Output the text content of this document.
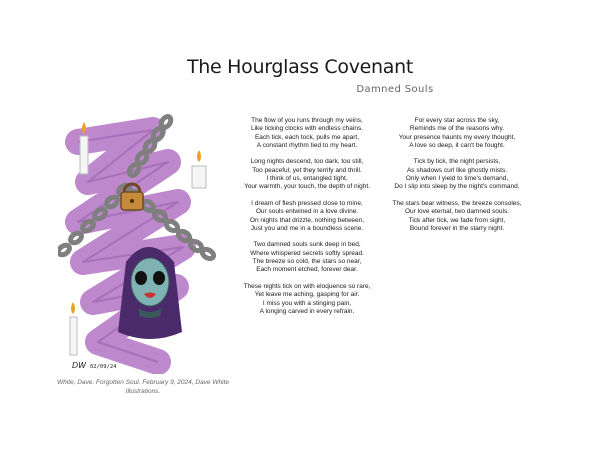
The Hourglass Covenant
Damned Souls
DW 02/09/24
White, Dave. Forgotten Soul. February 9, 2024, Dave White Illustrations.
The flow of you runs through my veins,
Like ticking clocks with endless chains.
Each tick, each tock, pulls me apart,
A constant rhythm tied to my heart.
Long nights descend, too dark, too still,
Too peaceful, yet they terrify and thrill.
I think of us, entangled tight,
Your warmth, your touch, the depth of night.
I dream of flesh pressed close to mine,
Our souls entwined in a love divine.
On nights that drizzle, nothing between,
Just you and me in a boundless scene.
Two damned souls sunk deep in bed,
Where whispered secrets softly spread.
The breeze so cold, the stars so near,
Each moment etched, forever dear.
These nights tick on with eloquence so rare,
Yet leave me aching, gasping for air.
I miss you with a stinging pain,
A longing carved in every refrain.
For every star across the sky,
Reminds me of the reasons why.
Your presence haunts my every thought,
A love so deep, it can't be fought.
Tick by tick, the night persists,
As shadows curl like ghostly mists.
Only when I yield to time's demand,
Do I slip into sleep by the night's command.
The stars bear witness, the breeze consoles,
Our love eternal, two damned souls.
Tick after tick, we fade from sight,
Bound forever in the starry night.
